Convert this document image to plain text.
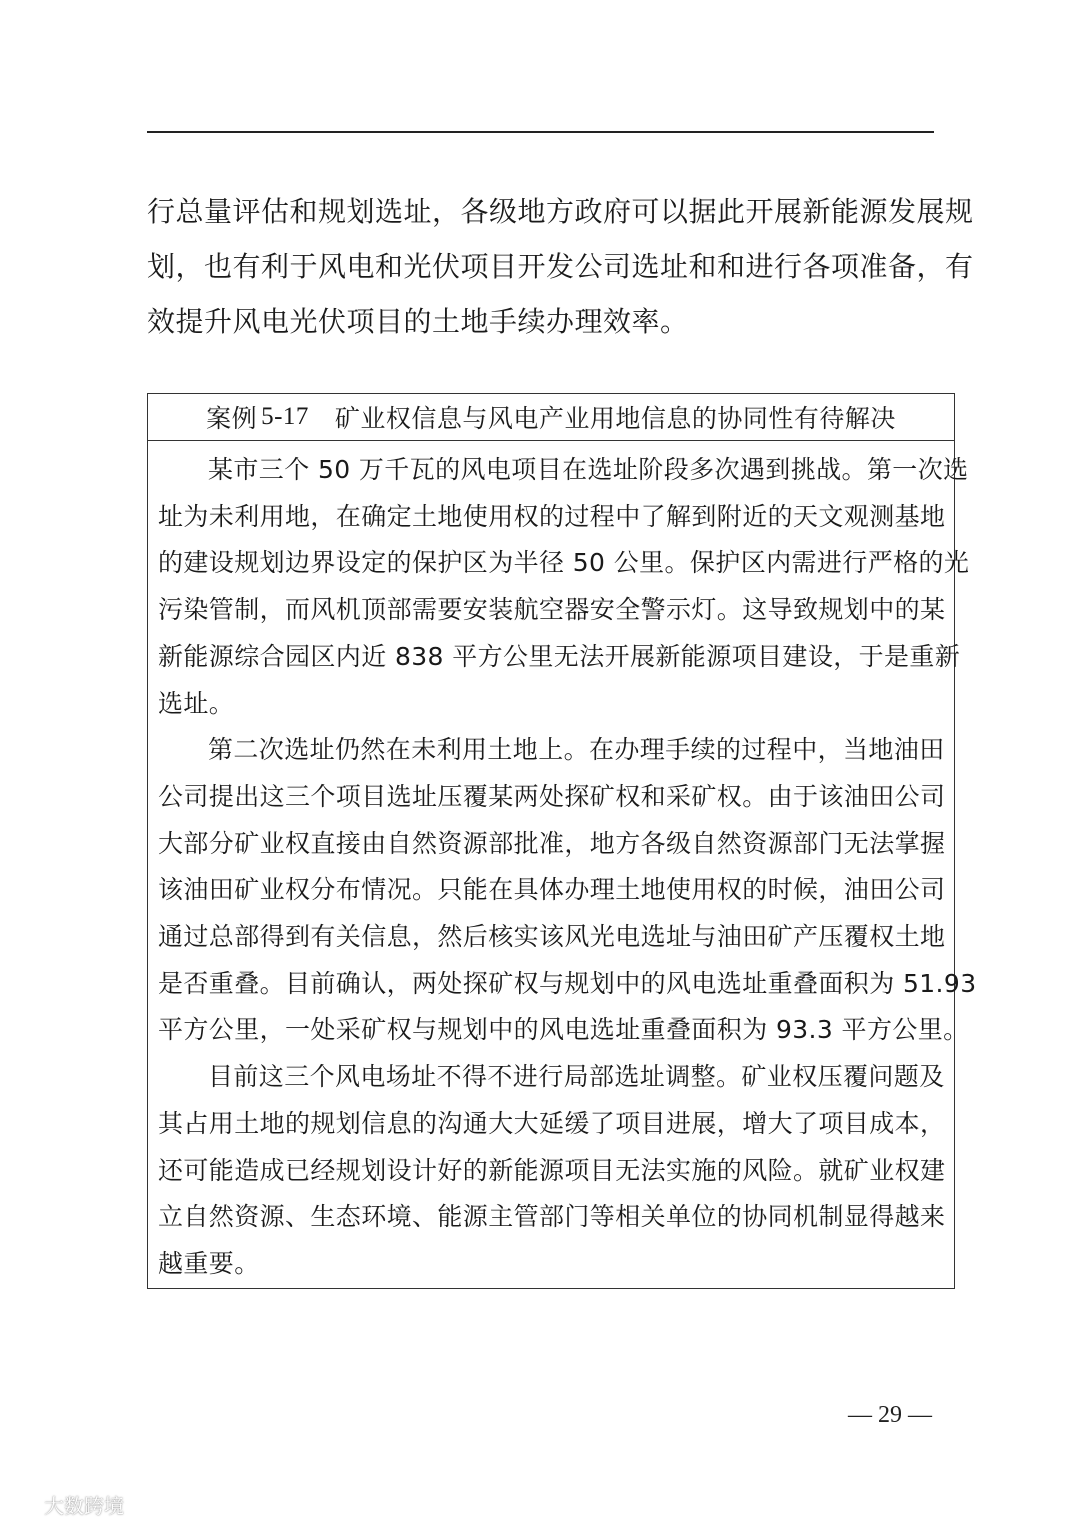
行总量评估和规划选址，各级地方政府可以据此开展新能源发展规
划，也有利于风电和光伏项目开发公司选址和和进行各项准备，有
效提升风电光伏项目的土地手续办理效率。
案例 5-17 矿业权信息与风电产业用地信息的协同性有待解决
某市三个 50 万千瓦的风电项目在选址阶段多次遇到挑战。第一次选
址为未利用地，在确定土地使用权的过程中了解到附近的天文观测基地
的建设规划边界设定的保护区为半径 50 公里。保护区内需进行严格的光
污染管制，而风机顶部需要安装航空器安全警示灯。这导致规划中的某
新能源综合园区内近 838 平方公里无法开展新能源项目建设，于是重新
选址。
第二次选址仍然在未利用土地上。在办理手续的过程中，当地油田
公司提出这三个项目选址压覆某两处探矿权和采矿权。由于该油田公司
大部分矿业权直接由自然资源部批准，地方各级自然资源部门无法掌握
该油田矿业权分布情况。只能在具体办理土地使用权的时候，油田公司
通过总部得到有关信息，然后核实该风光电选址与油田矿产压覆权土地
是否重叠。目前确认，两处探矿权与规划中的风电选址重叠面积为 51.93
平方公里，一处采矿权与规划中的风电选址重叠面积为 93.3 平方公里。
目前这三个风电场址不得不进行局部选址调整。矿业权压覆问题及
其占用土地的规划信息的沟通大大延缓了项目进展，增大了项目成本，
还可能造成已经规划设计好的新能源项目无法实施的风险。就矿业权建
立自然资源、生态环境、能源主管部门等相关单位的协同机制显得越来
越重要。
— 29 —
大数跨境
